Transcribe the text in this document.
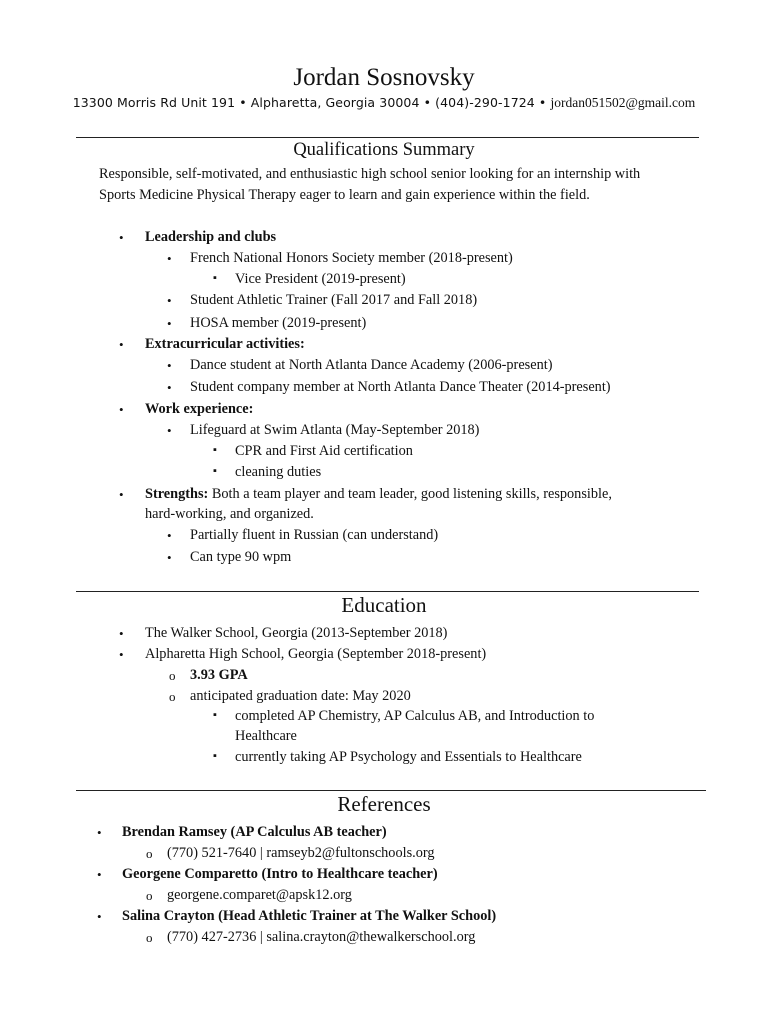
Jordan Sosnovsky
13300 Morris Rd Unit 191 • Alpharetta, Georgia 30004 • (404)-290-1724 • jordan051502@gmail.com
Qualifications Summary
Responsible, self-motivated, and enthusiastic high school senior looking for an internship with
Sports Medicine Physical Therapy eager to learn and gain experience within the field.
• Leadership and clubs
• French National Honors Society member (2018-present)
▪ Vice President (2019-present)
• Student Athletic Trainer (Fall 2017 and Fall 2018)
• HOSA member (2019-present)
• Extracurricular activities:
• Dance student at North Atlanta Dance Academy (2006-present)
• Student company member at North Atlanta Dance Theater (2014-present)
• Work experience:
• Lifeguard at Swim Atlanta (May-September 2018)
▪ CPR and First Aid certification
▪ cleaning duties
• Strengths: Both a team player and team leader, good listening skills, responsible,
hard-working, and organized.
• Partially fluent in Russian (can understand)
• Can type 90 wpm
Education
• The Walker School, Georgia (2013-September 2018)
• Alpharetta High School, Georgia (September 2018-present)
o 3.93 GPA
o anticipated graduation date: May 2020
▪ completed AP Chemistry, AP Calculus AB, and Introduction to
Healthcare
▪ currently taking AP Psychology and Essentials to Healthcare
References
• Brendan Ramsey (AP Calculus AB teacher)
o (770) 521-7640 | ramseyb2@fultonschools.org
• Georgene Comparetto (Intro to Healthcare teacher)
o georgene.comparet@apsk12.org
• Salina Crayton (Head Athletic Trainer at The Walker School)
o (770) 427-2736 | salina.crayton@thewalkerschool.org
